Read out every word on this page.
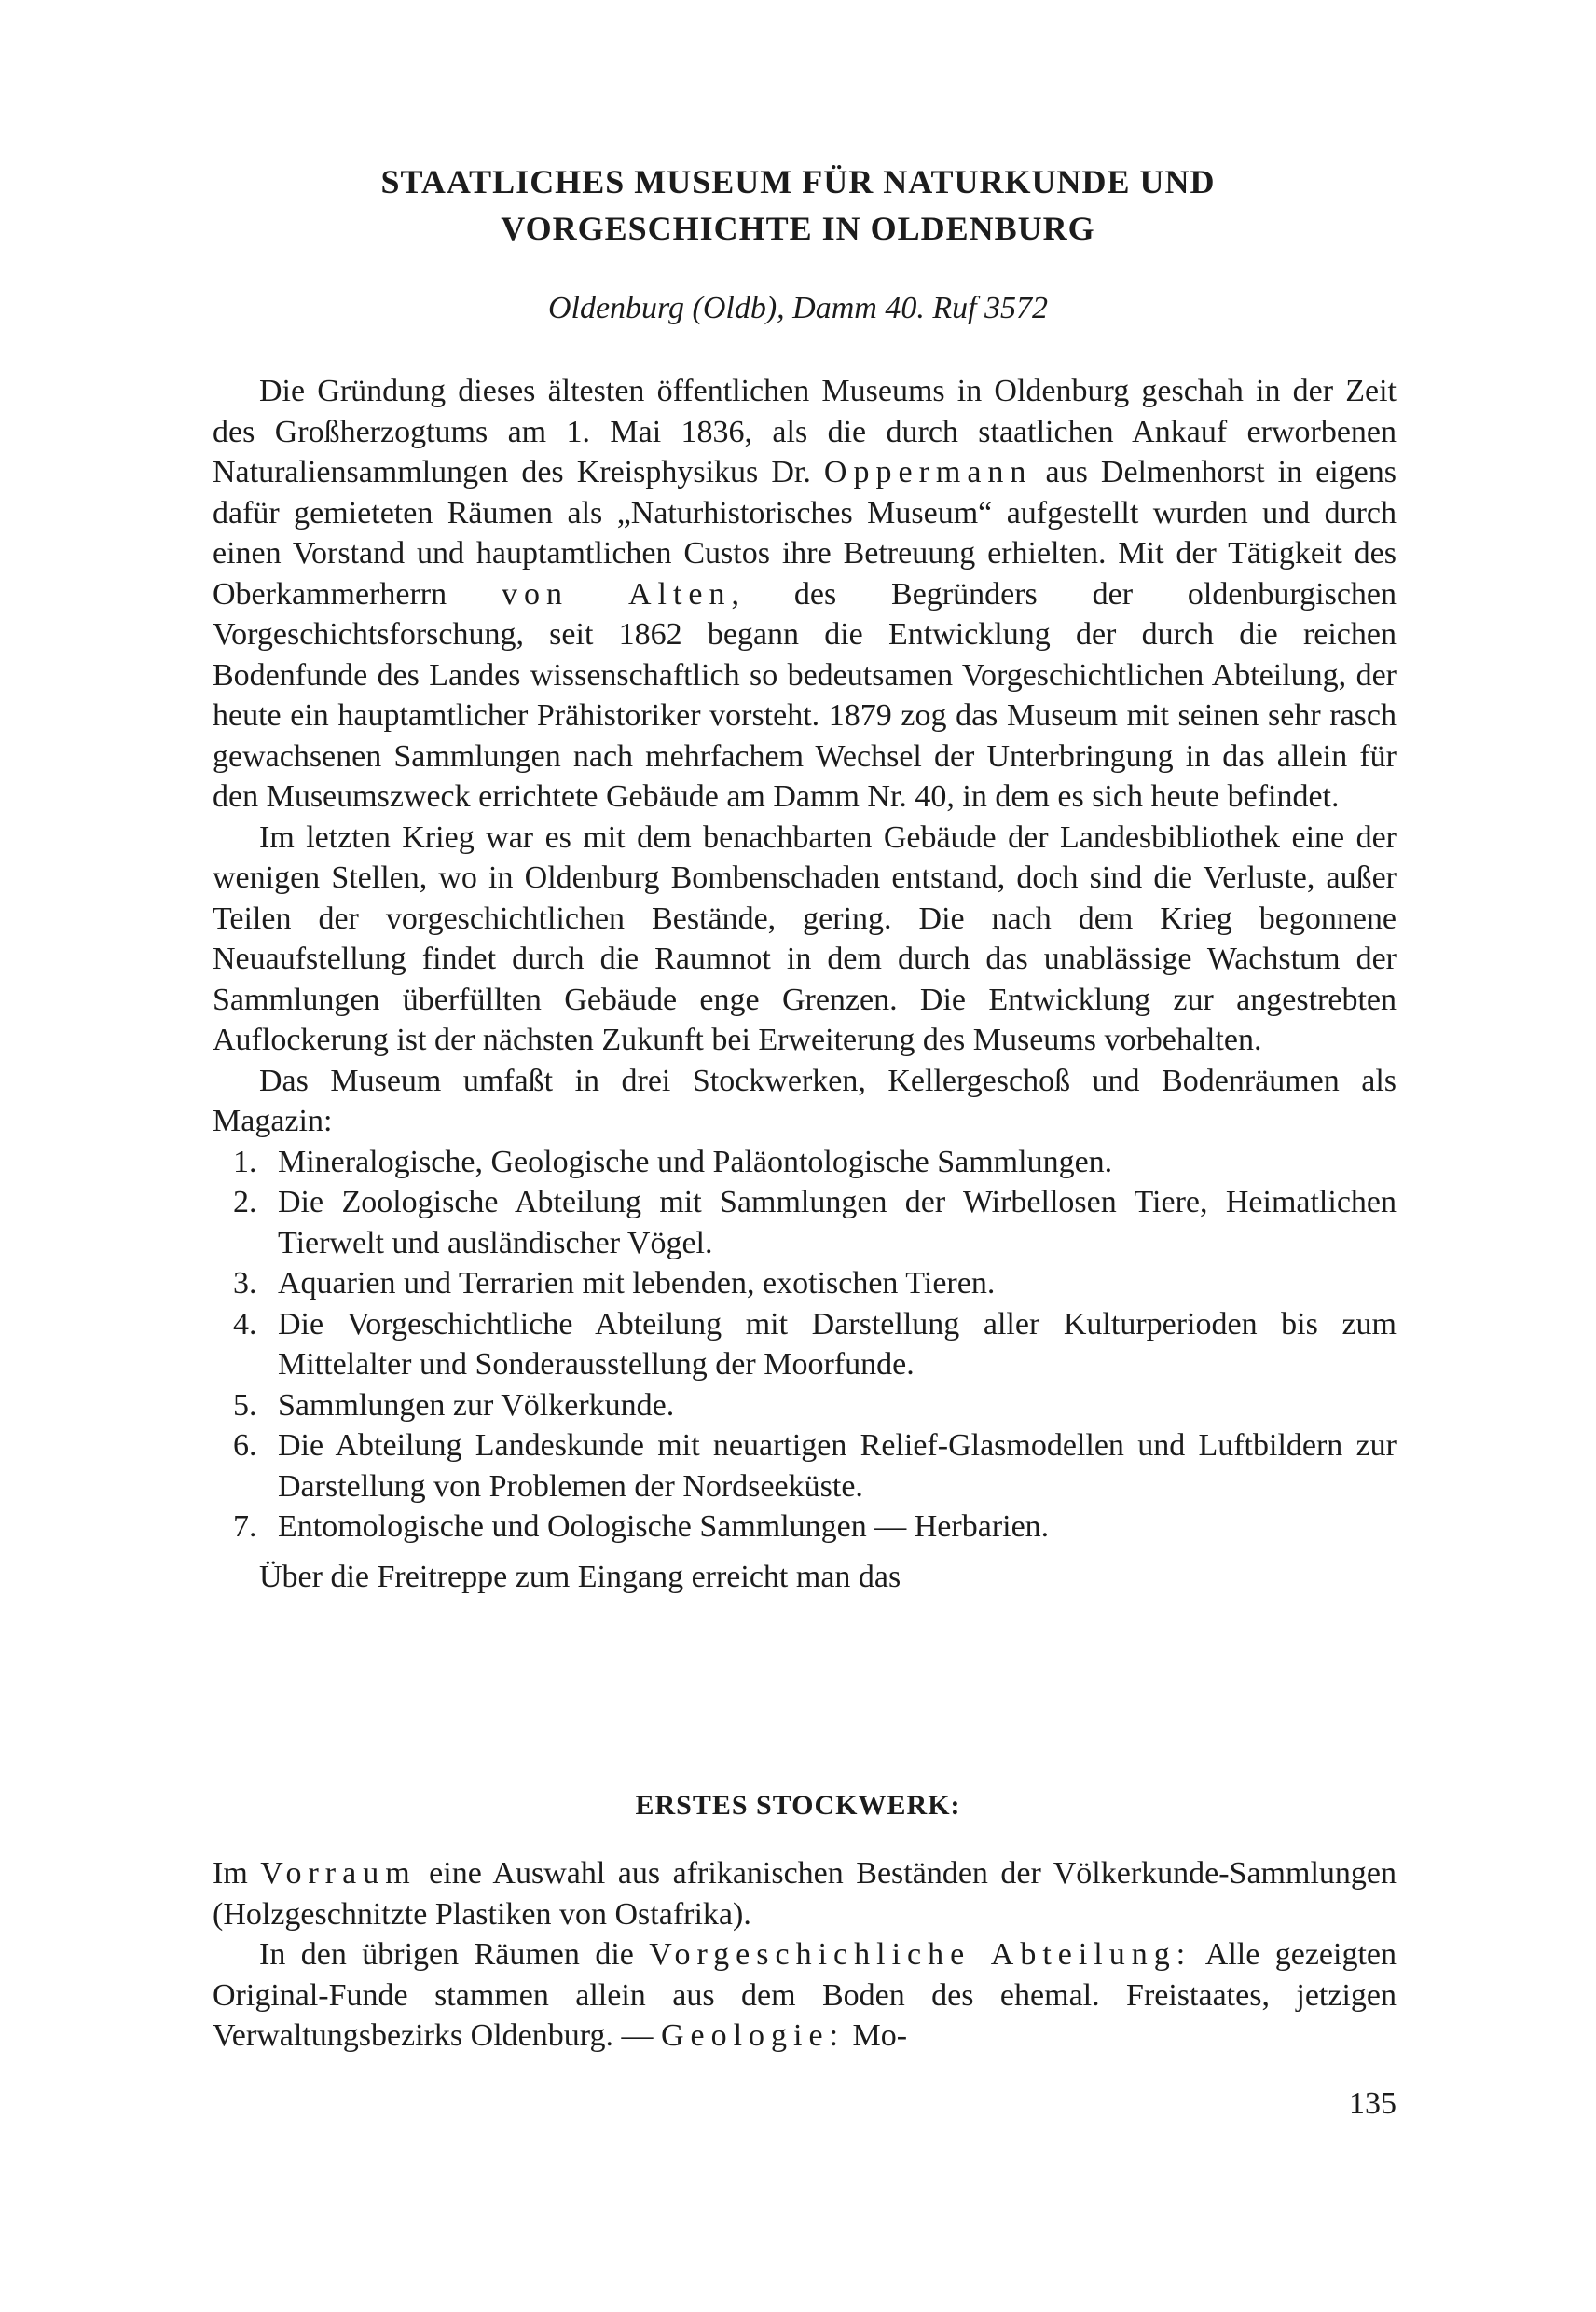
STAATLICHES MUSEUM FÜR NATURKUNDE UND
VORGESCHICHTE IN OLDENBURG

Oldenburg (Oldb), Damm 40. Ruf 3572

Die Gründung dieses ältesten öffentlichen Museums in Oldenburg geschah in der Zeit des Großherzogtums am 1. Mai 1836, als die durch staatlichen Ankauf erworbenen Naturaliensammlungen des Kreisphysikus Dr. Oppermann aus Delmenhorst in eigens dafür gemieteten Räumen als „Naturhistorisches Museum“ aufgestellt wurden und durch einen Vorstand und hauptamtlichen Custos ihre Betreuung erhielten. Mit der Tätigkeit des Oberkammerherrn von Alten, des Begründers der oldenburgischen Vorgeschichtsforschung, seit 1862 begann die Entwicklung der durch die reichen Bodenfunde des Landes wissenschaftlich so bedeutsamen Vorgeschichtlichen Abteilung, der heute ein hauptamtlicher Prähistoriker vorsteht. 1879 zog das Museum mit seinen sehr rasch gewachsenen Sammlungen nach mehrfachem Wechsel der Unterbringung in das allein für den Museumszweck errichtete Gebäude am Damm Nr. 40, in dem es sich heute befindet.

Im letzten Krieg war es mit dem benachbarten Gebäude der Landesbibliothek eine der wenigen Stellen, wo in Oldenburg Bombenschaden entstand, doch sind die Verluste, außer Teilen der vorgeschichtlichen Bestände, gering. Die nach dem Krieg begonnene Neuaufstellung findet durch die Raumnot in dem durch das unablässige Wachstum der Sammlungen überfüllten Gebäude enge Grenzen. Die Entwicklung zur angestrebten Auflockerung ist der nächsten Zukunft bei Erweiterung des Museums vorbehalten.

Das Museum umfaßt in drei Stockwerken, Kellergeschoß und Bodenräumen als Magazin:

1. Mineralogische, Geologische und Paläontologische Sammlungen.
2. Die Zoologische Abteilung mit Sammlungen der Wirbellosen Tiere, Heimatlichen Tierwelt und ausländischer Vögel.
3. Aquarien und Terrarien mit lebenden, exotischen Tieren.
4. Die Vorgeschichtliche Abteilung mit Darstellung aller Kulturperioden bis zum Mittelalter und Sonderausstellung der Moorfunde.
5. Sammlungen zur Völkerkunde.
6. Die Abteilung Landeskunde mit neuartigen Relief-Glasmodellen und Luftbildern zur Darstellung von Problemen der Nordseeküste.
7. Entomologische und Oologische Sammlungen — Herbarien.

Über die Freitreppe zum Eingang erreicht man das

ERSTES STOCKWERK:

Im Vorraum eine Auswahl aus afrikanischen Beständen der Völkerkunde-Sammlungen (Holzgeschnitzte Plastiken von Ostafrika).

In den übrigen Räumen die Vorgeschichliche Abteilung: Alle gezeigten Original-Funde stammen allein aus dem Boden des ehemal. Freistaates, jetzigen Verwaltungsbezirks Oldenburg. — Geologie: Mo-

135
